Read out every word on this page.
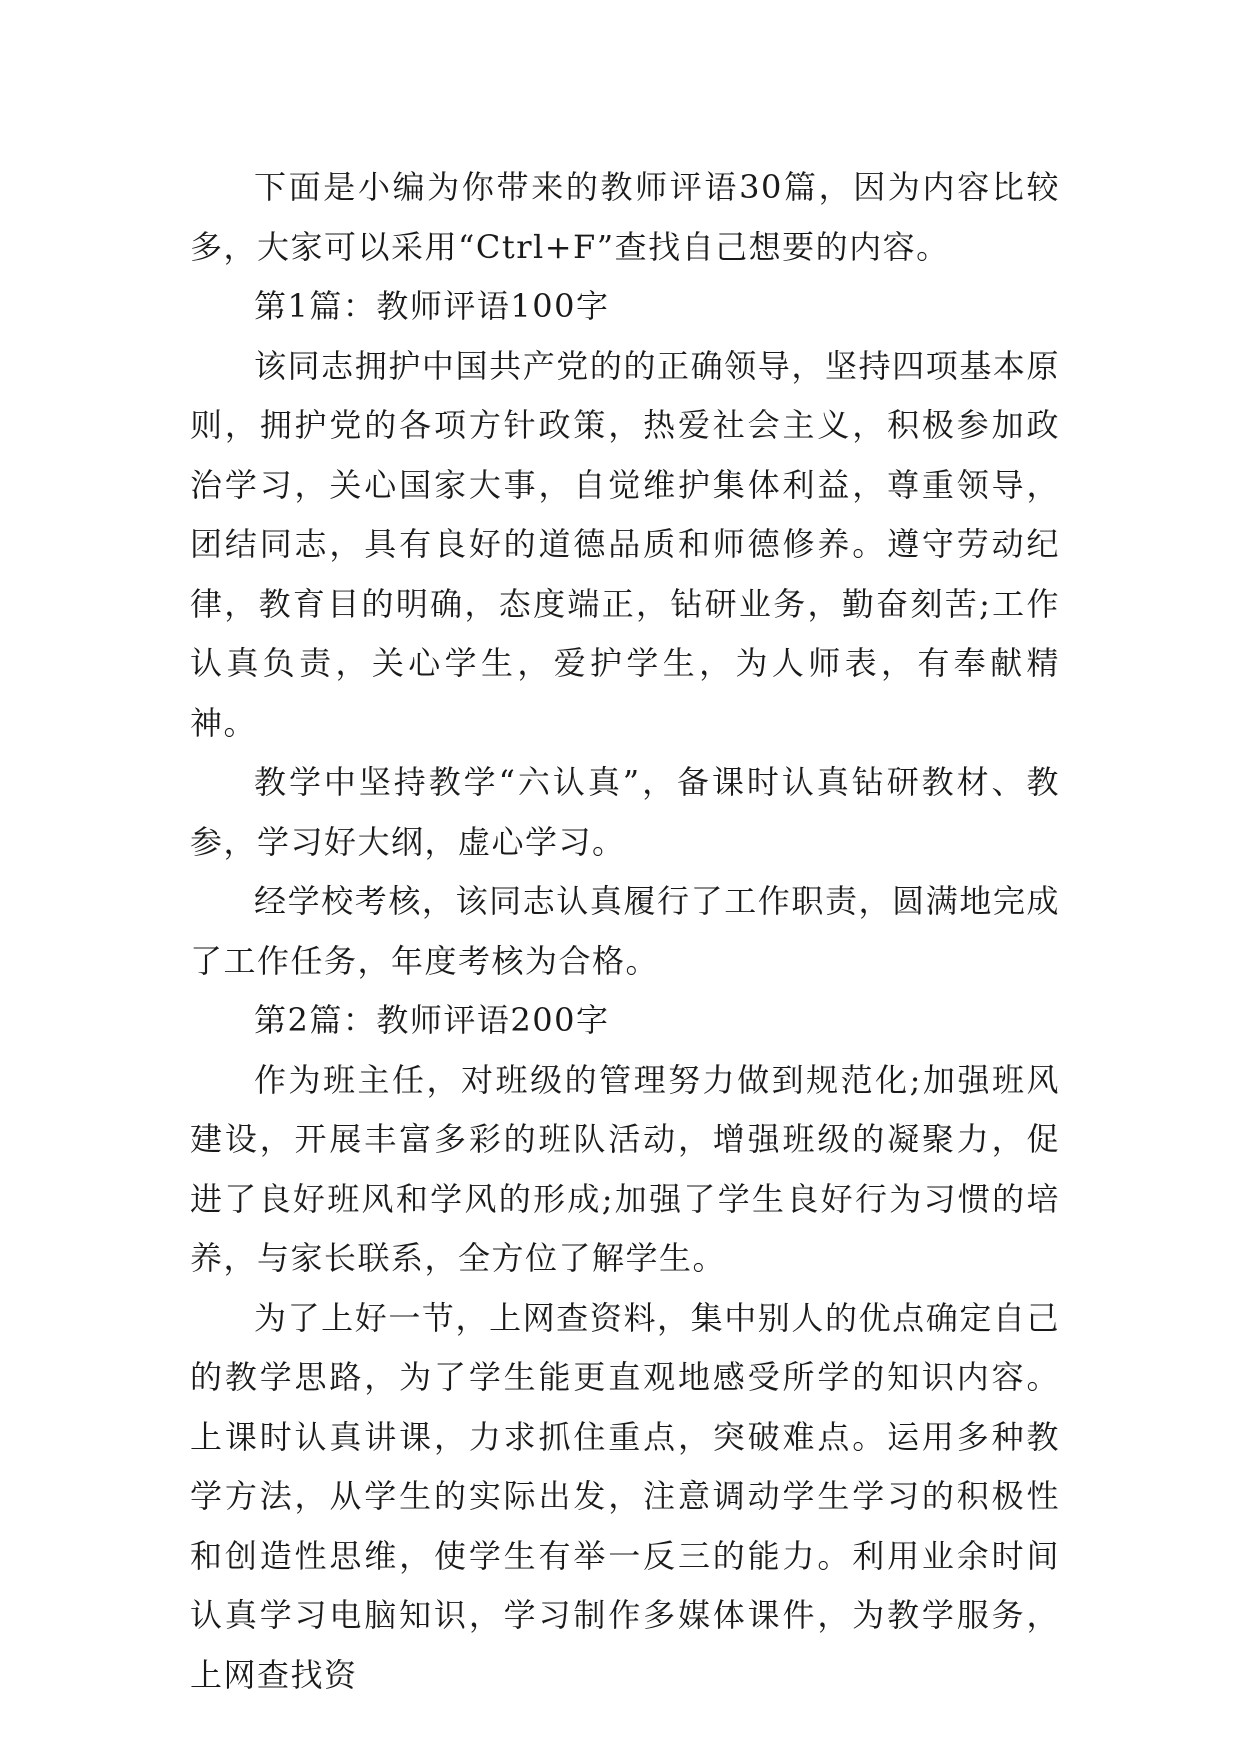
下面是小编为你带来的教师评语30篇，因为内容比较多，大家可以采用“Ctrl+F”查找自己想要的内容。

第1篇：教师评语100字

该同志拥护中国共产党的的正确领导，坚持四项基本原则，拥护党的各项方针政策，热爱社会主义，积极参加政治学习，关心国家大事，自觉维护集体利益，尊重领导，团结同志，具有良好的道德品质和师德修养。遵守劳动纪律，教育目的明确，态度端正，钻研业务，勤奋刻苦;工作认真负责，关心学生，爱护学生，为人师表，有奉献精神。

教学中坚持教学“六认真”，备课时认真钻研教材、教参，学习好大纲，虚心学习。

经学校考核，该同志认真履行了工作职责，圆满地完成了工作任务，年度考核为合格。

第2篇：教师评语200字

作为班主任，对班级的管理努力做到规范化;加强班风建设，开展丰富多彩的班队活动，增强班级的凝聚力，促进了良好班风和学风的形成;加强了学生良好行为习惯的培养，与家长联系，全方位了解学生。

为了上好一节，上网查资料，集中别人的优点确定自己的教学思路，为了学生能更直观地感受所学的知识内容。上课时认真讲课，力求抓住重点，突破难点。运用多种教学方法，从学生的实际出发，注意调动学生学习的积极性和创造性思维，使学生有举一反三的能力。利用业余时间认真学习电脑知识，学习制作多媒体课件，为教学服务，上网查找资
